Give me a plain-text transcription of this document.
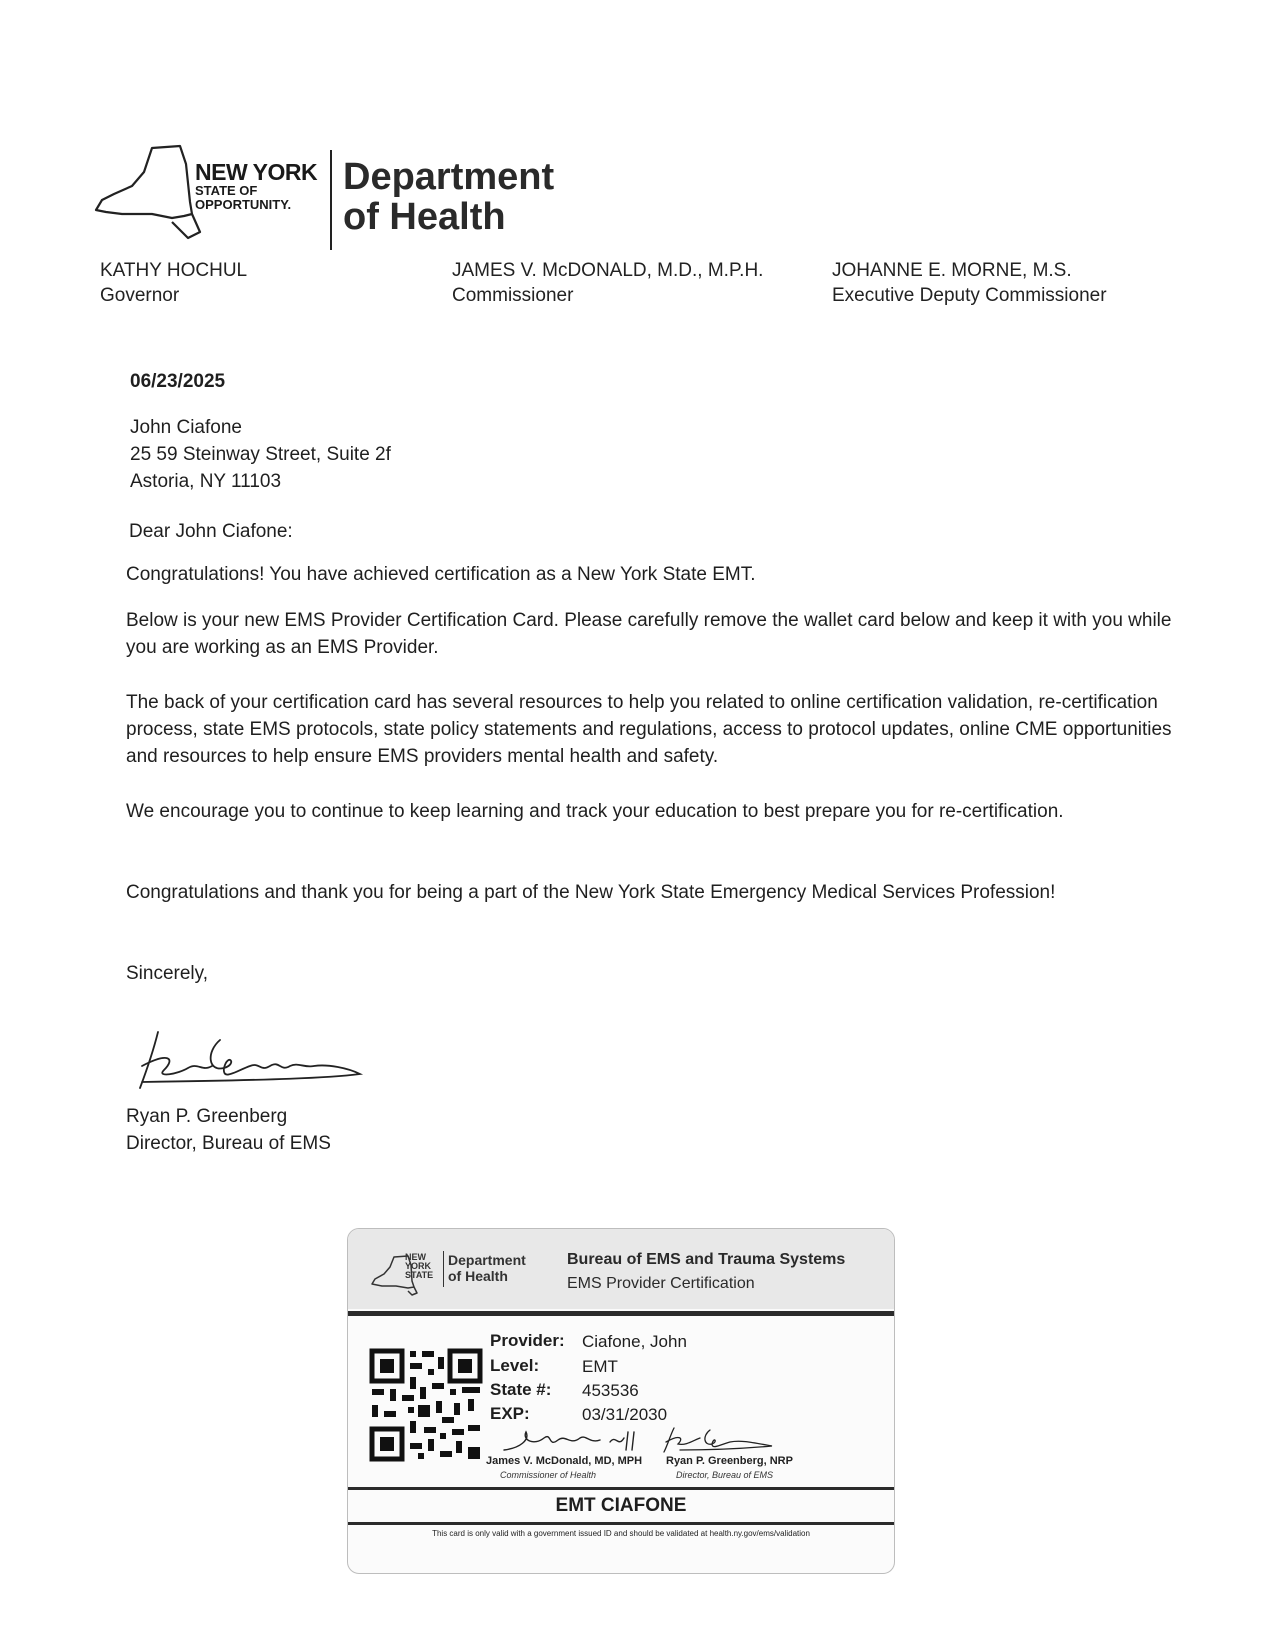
NEW YORK
STATE OF
OPPORTUNITY.
Department
of Health
KATHY HOCHUL
Governor
JAMES V. McDONALD, M.D., M.P.H.
Commissioner
JOHANNE E. MORNE, M.S.
Executive Deputy Commissioner
06/23/2025
John Ciafone
25 59 Steinway Street, Suite 2f
Astoria, NY 11103
Dear John Ciafone:
Congratulations! You have achieved certification as a New York State EMT.
Below is your new EMS Provider Certification Card. Please carefully remove the wallet card below and keep it with you while you are working as an EMS Provider.
The back of your certification card has several resources to help you related to online certification validation, re-certification process, state EMS protocols, state policy statements and regulations, access to protocol updates, online CME opportunities and resources to help ensure EMS providers mental health and safety.
We encourage you to continue to keep learning and track your education to best prepare you for re-certification.
Congratulations and thank you for being a part of the New York State Emergency Medical Services Profession!
Sincerely,
Ryan P. Greenberg
Director, Bureau of EMS
NEW
YORK
STATE
Department
of Health
Bureau of EMS and Trauma Systems
EMS Provider Certification
Provider: Ciafone, John
Level:	EMT
State #: 453536
EXP:	03/31/2030
James V. McDonald, MD, MPH
Commissioner of Health
Ryan P. Greenberg, NRP
Director, Bureau of EMS
EMT CIAFONE
This card is only valid with a government issued ID and should be validated at health.ny.gov/ems/validation
